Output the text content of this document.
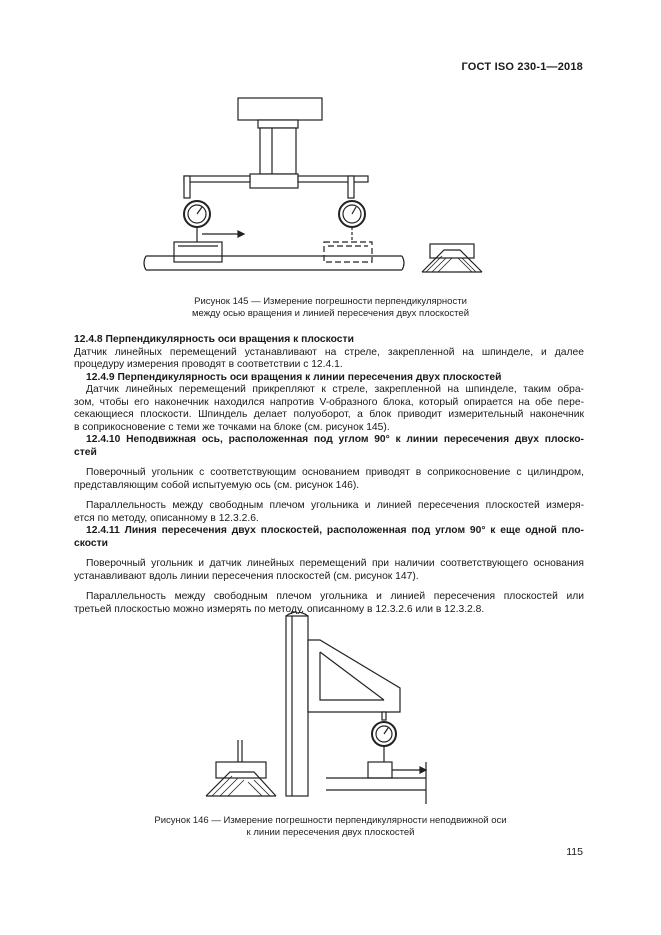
ГОСТ ISO 230-1—2018
Рисунок 145 — Измерение погрешности перпендикулярности
между осью вращения и линией пересечения двух плоскостей
12.4.8 Перпендикулярность оси вращения к плоскости
Датчик линейных перемещений устанавливают на стреле, закрепленной на шпинделе, и далее
процедуру измерения проводят в соответствии с 12.4.1.
12.4.9 Перпендикулярность оси вращения к линии пересечения двух плоскостей
Датчик линейных перемещений прикрепляют к стреле, закрепленной на шпинделе, таким обра-
зом, чтобы его наконечник находился напротив V-образного блока, который опирается на обе пере-
секающиеся плоскости. Шпиндель делает полуоборот, а блок приводит измерительный наконечник
в соприкосновение с теми же точками на блоке (см. рисунок 145).
12.4.10 Неподвижная ось, расположенная под углом 90° к линии пересечения двух плоско-
стей
Поверочный угольник с соответствующим основанием приводят в соприкосновение с цилиндром,
представляющим собой испытуемую ось (см. рисунок 146).
Параллельность между свободным плечом угольника и линией пересечения плоскостей измеря-
ется по методу, описанному в 12.3.2.6.
12.4.11 Линия пересечения двух плоскостей, расположенная под углом 90° к еще одной пло-
скости
Поверочный угольник и датчик линейных перемещений при наличии соответствующего основания
устанавливают вдоль линии пересечения плоскостей (см. рисунок 147).
Параллельность между свободным плечом угольника и линией пересечения плоскостей или
третьей плоскостью можно измерять по методу, описанному в 12.3.2.6 или в 12.3.2.8.
Рисунок 146 — Измерение погрешности перпендикулярности неподвижной оси
к линии пересечения двух плоскостей
115
